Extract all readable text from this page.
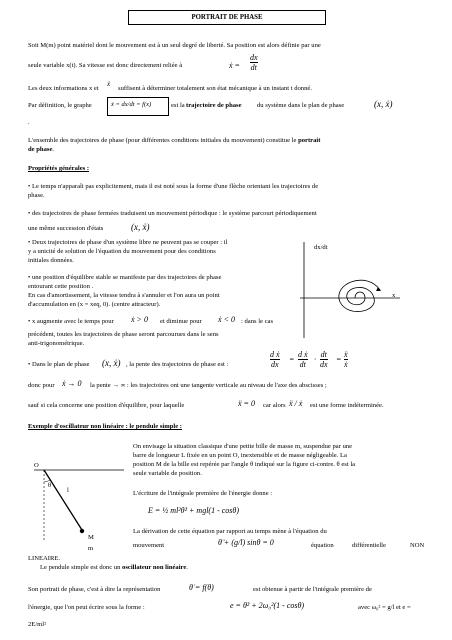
PORTRAIT DE PHASE
Soit M(m) point matériel dont le mouvement est à un seul degré de liberté. Sa position est alors définie par une
seule variable x(t). Sa vitesse est donc directement reliée à	ẋ =
dx
dt
Les deux informations x et
ẋ
suffisent à déterminer totalement son état mécanique à un instant t donné.
Par définition, le graphe	ẋ = dx/dt = f(x)	est la trajectoire de phase du système dans le plan de phase	(x, ẋ)
.
L'ensemble des trajectoires de phase (pour différentes conditions initiales du mouvement) constitue le portrait
de phase.
Propriétés générales :
• Le temps n'apparaît pas explicitement, mais il est noté sous la forme d'une flèche orientant les trajectoires de
phase.
• des trajectoires de phase fermées traduisent un mouvement périodique : le système parcourt périodiquement
une même succession d'états	(x, ẋ)
• Deux trajectoires de phase d'un système libre ne peuvent pas se couper : il
y a unicité de solution de l'équation du mouvement pour des conditions
initiales données.
• une position d'équilibre stable se manifeste par des trajectoires de phase
entourant cette position .
En cas d'amortissement, la vitesse tendra à s'annuler et l'on aura un point
d'accumulation en (x = xeq, 0). (centre attracteur).
• x augmente avec le temps pour ẋ > 0 et diminue pour ẋ < 0 : dans le cas
précédent, toutes les trajectoires de phase seront parcourues dans le sens
anti-trigonométrique.
dx/dt
x
• Dans le plan de phase (x, ẋ) , la pente des trajectoires de phase est :
d ẋ
dx
=
d ẋ
dt
·
dt
dx
=
ẍ
ẋ
donc pour ẋ → 0 la pente → ∞ : les trajectoires ont une tangente verticale au niveau de l'axe des abscisses ;
sauf si cela concerne une position d'équilibre, pour laquelle	ẍ = 0 car alors ẍ / ẋ est une forme indéterminée.
Exemple d'oscillateur non linéaire : le pendule simple :
O
θ
l
M
m
On envisage la situation classique d'une petite bille de masse m, suspendue par une
barre de longueur L fixée en un point O, inextensible et de masse négligeable. La
position M de la bille est repérée par l'angle θ indiqué sur la figure ci-contre. θ est la
seule variable de position.
L'écriture de l'intégrale première de l'énergie donne :
E = ½ ml²θ̇² + mgl(1 - cosθ)
La dérivation de cette équation par rapport au temps mène à l'équation du
mouvement	θ̈ + (g/l) sinθ = 0	équation	différentielle	NON
LINEAIRE.
Le pendule simple est donc un oscillateur non linéaire.
Son portrait de phase, c'est à dire la représentation	θ̇ = f(θ)	est obtenue à partir de l'intégrale première de
l'énergie, que l'on peut écrire sous la forme :	e = θ̇² + 2ω₀²(1 - cosθ)	avec ω₀² = g/l et e =
2E/ml²
